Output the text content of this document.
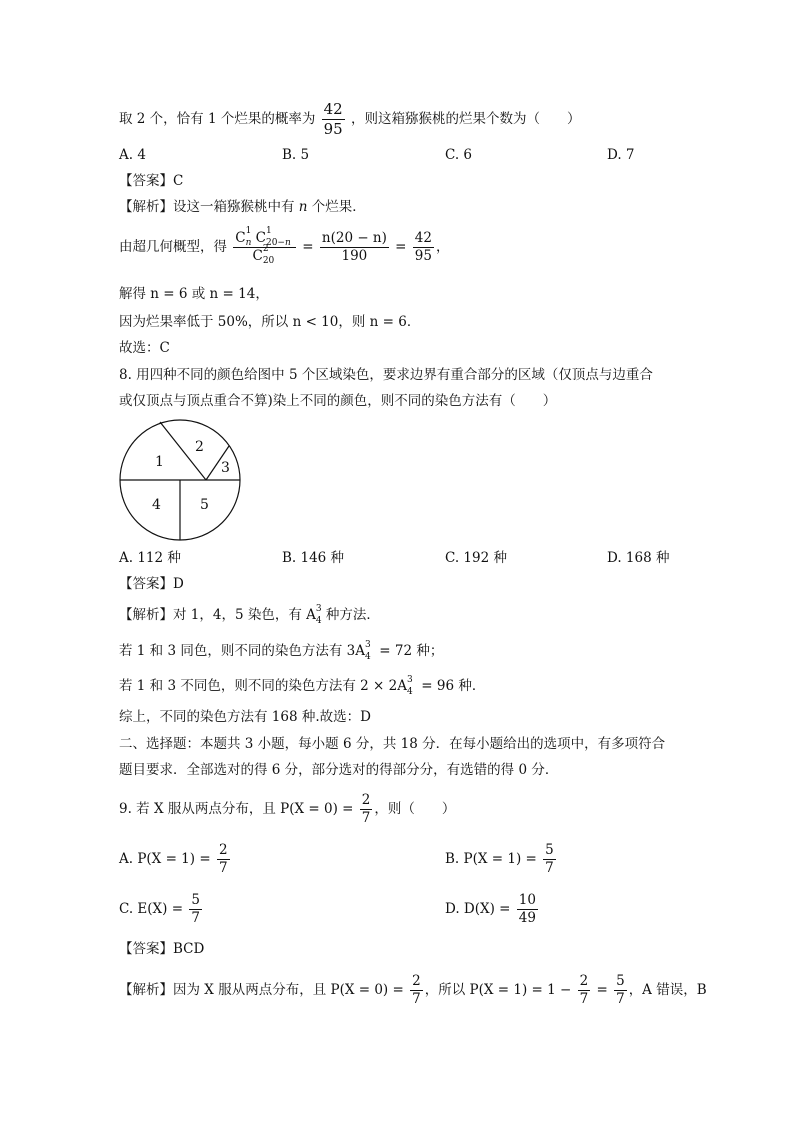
取 2 个，恰有 1 个烂果的概率为 $\frac{42}{95}$ ，则这箱猕猴桃的烂果个数为（　　）
A. 4	B. 5	C. 6	D. 7
【答案】C
【解析】设这一箱猕猴桃中有 n 个烂果．
由超几何概型，得 C 1
n C 1
20−n
C 2
$20 = \frac{n(20 - n)}{190} = \frac{42}{95}$ ，
解得 n = 6 或 n = 14，
因为烂果率低于 50%，所以 n < 10，则 n = 6．
故选：C
8. 用四种不同的颜色给图中 5 个区域染色，要求边界有重合部分的区域（仅顶点与边重合
或仅顶点与顶点重合不算)染上不同的颜色，则不同的染色方法有（　　）
1
2
3
4	5
A. 112 种	B. 146 种	C. 192 种	D. 168 种
【答案】D
【解析】对 1，4，5 染色，有 A 3
4 种方法．
若 1 和 3 同色，则不同的染色方法有 3A 3
4 = 72 种；
若 1 和 3 不同色，则不同的染色方法有 2 × 2A 3
4 = 96 种．
综上，不同的染色方法有 168 种.故选：D
二、选择题：本题共 3 小题，每小题 6 分，共 18 分．在每小题给出的选项中，有多项符合
题目要求．全部选对的得 6 分，部分选对的得部分分，有选错的得 0 分．
9. 若 X 服从两点分布，且 $P(X = 0) = \frac{2}{7}$ ，则（　　）
A. $P(X = 1) = \frac{2}{7}$	B. $P(X = 1) = \frac{5}{7}$
C. $E(X) = \frac{5}{7}$	D. $D(X) = \frac{10}{49}$
【答案】BCD
【解析】因为 X 服从两点分布，且 $P(X = 0) = \frac{2}{7}$ ，所以 $P(X = 1) = 1 - \frac{2}{7} = \frac{5}{7}$ ，A 错误，B
